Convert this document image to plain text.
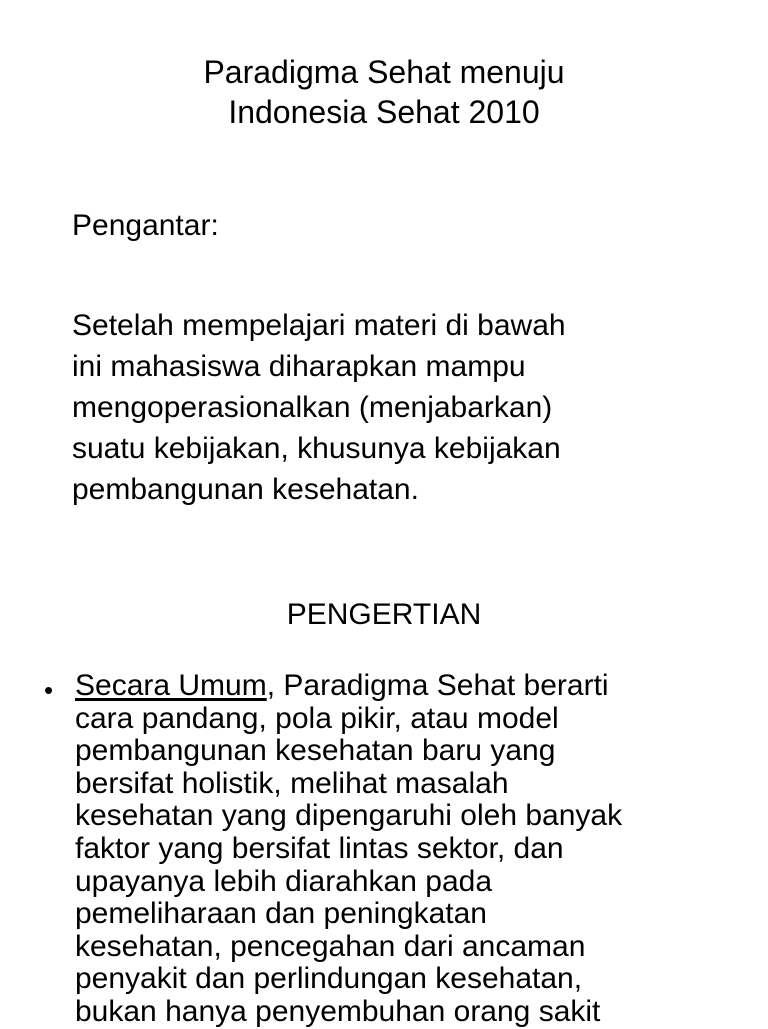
Paradigma Sehat menuju
Indonesia Sehat 2010
Pengantar:
Setelah mempelajari materi di bawah
ini mahasiswa diharapkan mampu
mengoperasionalkan (menjabarkan)
suatu kebijakan, khusunya kebijakan
pembangunan kesehatan.
PENGERTIAN
• Secara Umum, Paradigma Sehat berarti
cara pandang, pola pikir, atau model
pembangunan kesehatan baru yang
bersifat holistik, melihat masalah
kesehatan yang dipengaruhi oleh banyak
faktor yang bersifat lintas sektor, dan
upayanya lebih diarahkan pada
pemeliharaan dan peningkatan
kesehatan, pencegahan dari ancaman
penyakit dan perlindungan kesehatan,
bukan hanya penyembuhan orang sakit
